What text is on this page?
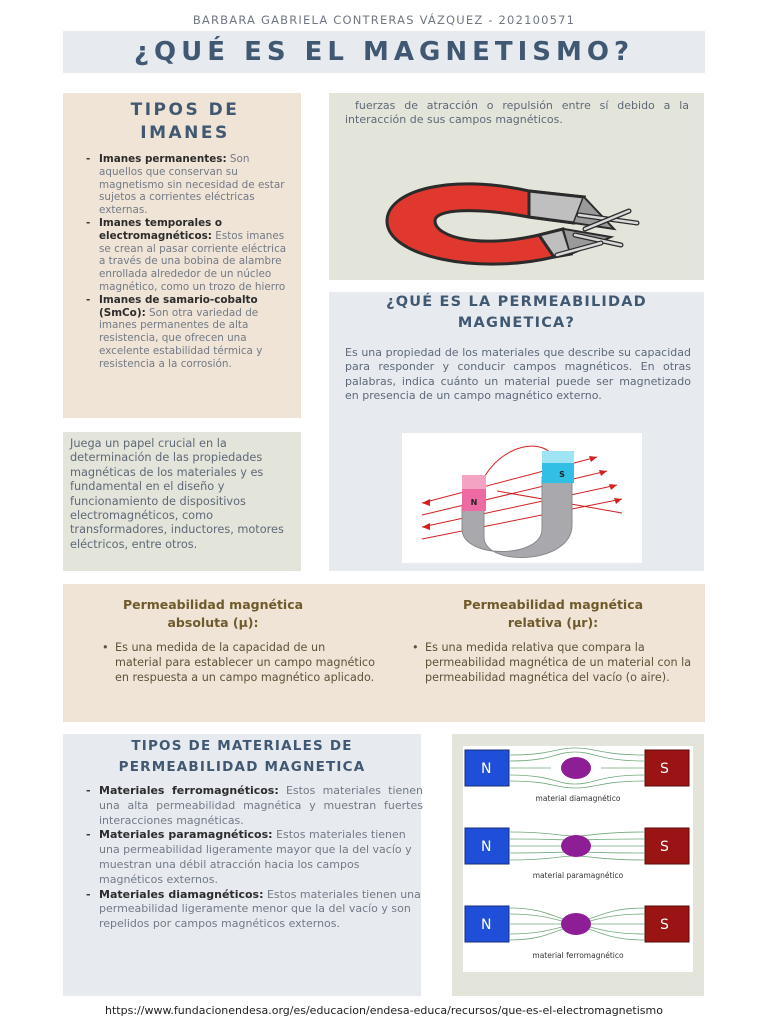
BARBARA GABRIELA CONTRERAS VÁZQUEZ - 202100571
¿QUÉ ES EL MAGNETISMO?
TIPOS DE IMANES
- Imanes permanentes: Son aquellos que conservan su magnetismo sin necesidad de estar sujetos a corrientes eléctricas externas.
- Imanes temporales o electromagnéticos: Estos imanes se crean al pasar corriente eléctrica a través de una bobina de alambre enrollada alrededor de un núcleo magnético, como un trozo de hierro
- Imanes de samario-cobalto (SmCo): Son otra variedad de imanes permanentes de alta resistencia, que ofrecen una excelente estabilidad térmica y resistencia a la corrosión.
fuerzas de atracción o repulsión entre sí debido a la interacción de sus campos magnéticos.
Juega un papel crucial en la determinación de las propiedades magnéticas de los materiales y es fundamental en el diseño y funcionamiento de dispositivos electromagnéticos, como transformadores, inductores, motores eléctricos, entre otros.
¿QUÉ ES LA PERMEABILIDAD MAGNETICA?
Es una propiedad de los materiales que describe su capacidad para responder y conducir campos magnéticos. En otras palabras, indica cuánto un material puede ser magnetizado en presencia de un campo magnético externo.
N
S
Permeabilidad magnética absoluta (μ):
• Es una medida de la capacidad de un material para establecer un campo magnético en respuesta a un campo magnético aplicado.
Permeabilidad magnética relativa (μr):
• Es una medida relativa que compara la permeabilidad magnética de un material con la permeabilidad magnética del vacío (o aire).
TIPOS DE MATERIALES DE PERMEABILIDAD MAGNETICA
- Materiales ferromagnéticos: Estos materiales tienen una alta permeabilidad magnética y muestran fuertes interacciones magnéticas.
- Materiales paramagnéticos: Estos materiales tienen una permeabilidad ligeramente mayor que la del vacío y muestran una débil atracción hacia los campos magnéticos externos.
- Materiales diamagnéticos: Estos materiales tienen una permeabilidad ligeramente menor que la del vacío y son repelidos por campos magnéticos externos.
N	S
material diamagnético
N	S
material paramagnético
N	S
material ferromagnético
https://www.fundacionendesa.org/es/educacion/endesa-educa/recursos/que-es-el-electromagnetismo
